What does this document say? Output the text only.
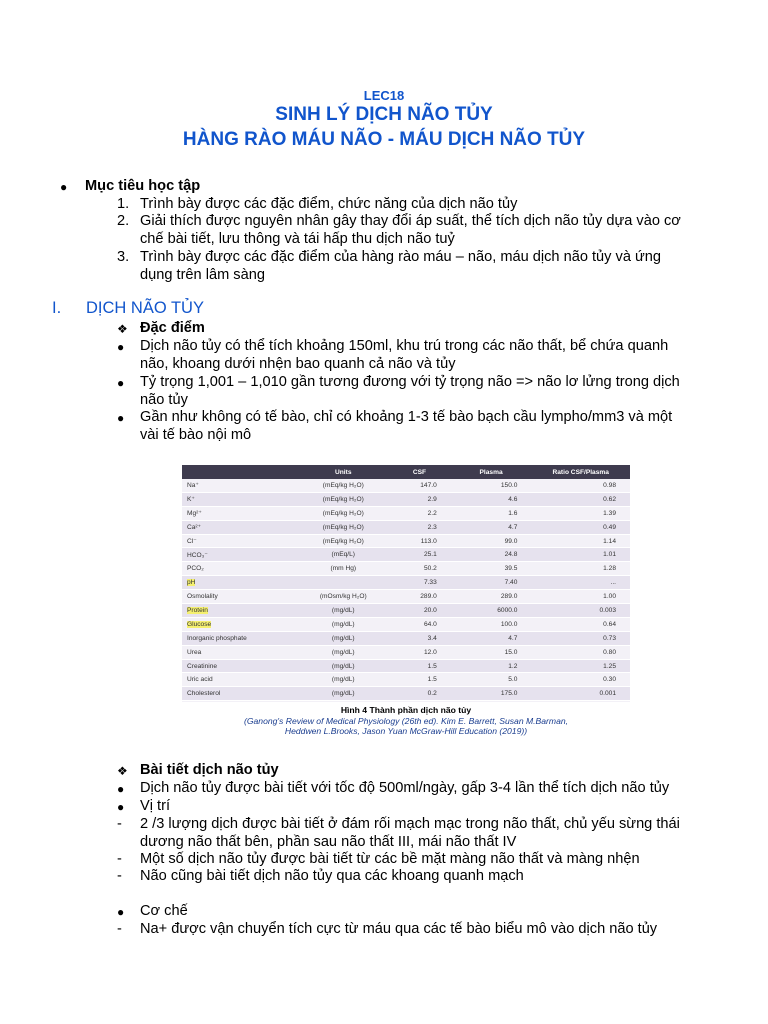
LEC18
SINH LÝ DỊCH NÃO TỦY
HÀNG RÀO MÁU NÃO - MÁU DỊCH NÃO TỦY
● Mục tiêu học tập
1. Trình bày được các đặc điểm, chức năng của dịch não tủy
2. Giải thích được nguyên nhân gây thay đổi áp suất, thể tích dịch não tủy dựa vào cơ
chế bài tiết, lưu thông và tái hấp thu dịch não tuỷ
3. Trình bày được các đặc điểm của hàng rào máu – não, máu dịch não tủy và ứng
dụng trên lâm sàng
I. DỊCH NÃO TỦY
❖ Đặc điểm
● Dịch não tủy có thể tích khoảng 150ml, khu trú trong các não thất, bể chứa quanh
não, khoang dưới nhện bao quanh cả não và tủy
● Tỷ trọng 1,001 – 1,010 gần tương đương với tỷ trọng não => não lơ lửng trong dịch
não tủy
● Gần như không có tế bào, chỉ có khoảng 1-3 tế bào bạch cầu lympho/mm3 và một
vài tế bào nội mô
	Units	CSF	Plasma	Ratio CSF/Plasma
Na⁺	(mEq/kg H₂O)	147.0	150.0	0.98
K⁺	(mEq/kg H₂O)	2.9	4.6	0.62
Mg²⁺	(mEq/kg H₂O)	2.2	1.6	1.39
Ca²⁺	(mEq/kg H₂O)	2.3	4.7	0.49
Cl⁻	(mEq/kg H₂O)	113.0	99.0	1.14
HCO₃⁻	(mEq/L)	25.1	24.8	1.01
PCO₂	(mm Hg)	50.2	39.5	1.28
pH		7.33	7.40	...
Osmolality	(mOsm/kg H₂O)	289.0	289.0	1.00
Protein	(mg/dL)	20.0	6000.0	0.003
Glucose	(mg/dL)	64.0	100.0	0.64
Inorganic phosphate	(mg/dL)	3.4	4.7	0.73
Urea	(mg/dL)	12.0	15.0	0.80
Creatinine	(mg/dL)	1.5	1.2	1.25
Uric acid	(mg/dL)	1.5	5.0	0.30
Cholesterol	(mg/dL)	0.2	175.0	0.001
Hình 4 Thành phần dịch não tủy
(Ganong's Review of Medical Physiology (26th ed). Kim E. Barrett, Susan M.Barman,
Heddwen L.Brooks, Jason Yuan McGraw-Hill Education (2019))
❖ Bài tiết dịch não tủy
● Dịch não tủy được bài tiết với tốc độ 500ml/ngày, gấp 3-4 lần thể tích dịch não tủy
● Vị trí
- 2 /3 lượng dịch được bài tiết ở đám rối mạch mạc trong não thất, chủ yếu sừng thái
dương não thất bên, phần sau não thất III, mái não thất IV
- Một số dịch não tủy được bài tiết từ các bề mặt màng não thất và màng nhện
- Não cũng bài tiết dịch não tủy qua các khoang quanh mạch
● Cơ chế
- Na+ được vận chuyển tích cực từ máu qua các tế bào biểu mô vào dịch não tủy
